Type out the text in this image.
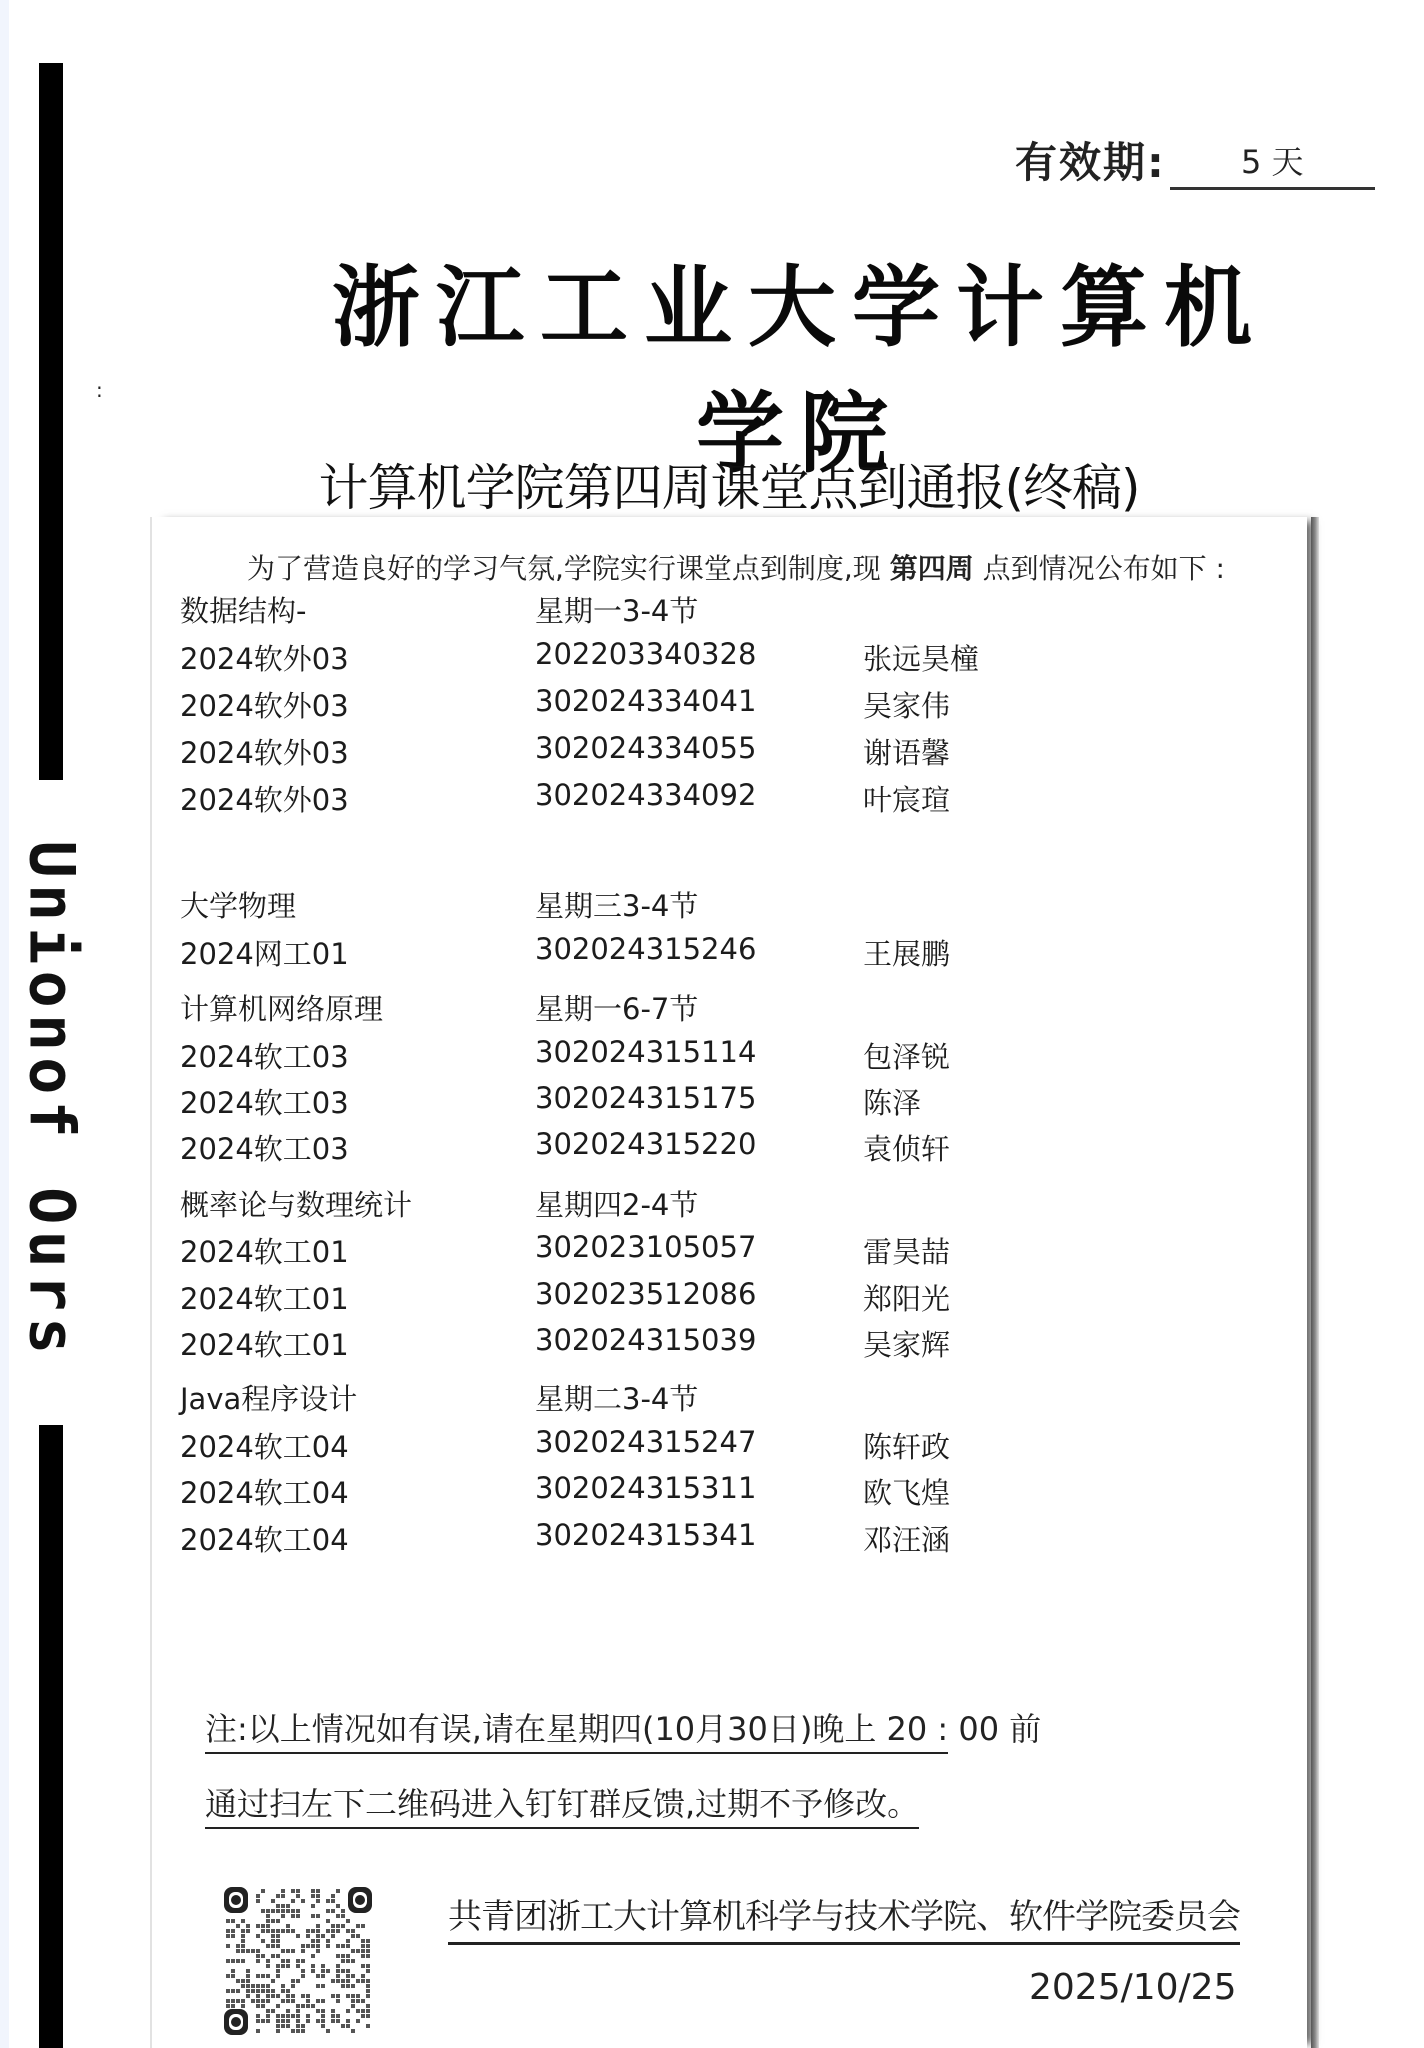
Unionof Ours
:
有效期:	5 天
浙江工业大学计算机学院
计算机学院第四周课堂点到通报(终稿)
为了营造良好的学习气氛,学院实行课堂点到制度,现 第四周 点到情况公布如下 :
数据结构-	星期一3-4节
2024软外03	202203340328	张远昊橦
2024软外03	302024334041	吴家伟
2024软外03	302024334055	谢语馨
2024软外03	302024334092	叶宸瑄
大学物理	星期三3-4节
2024网工01	302024315246	王展鹏
计算机网络原理	星期一6-7节
2024软工03	302024315114	包泽锐
2024软工03	302024315175	陈泽
2024软工03	302024315220	袁侦轩
概率论与数理统计	星期四2-4节
2024软工01	302023105057	雷昊喆
2024软工01	302023512086	郑阳光
2024软工01	302024315039	吴家辉
Java程序设计	星期二3-4节
2024软工04	302024315247	陈轩政
2024软工04	302024315311	欧飞煌
2024软工04	302024315341	邓汪涵
注:以上情况如有误,请在星期四(10月30日)晚上 20 : 00 前
通过扫左下二维码进入钉钉群反馈,过期不予修改。
共青团浙工大计算机科学与技术学院、软件学院委员会
2025/10/25
